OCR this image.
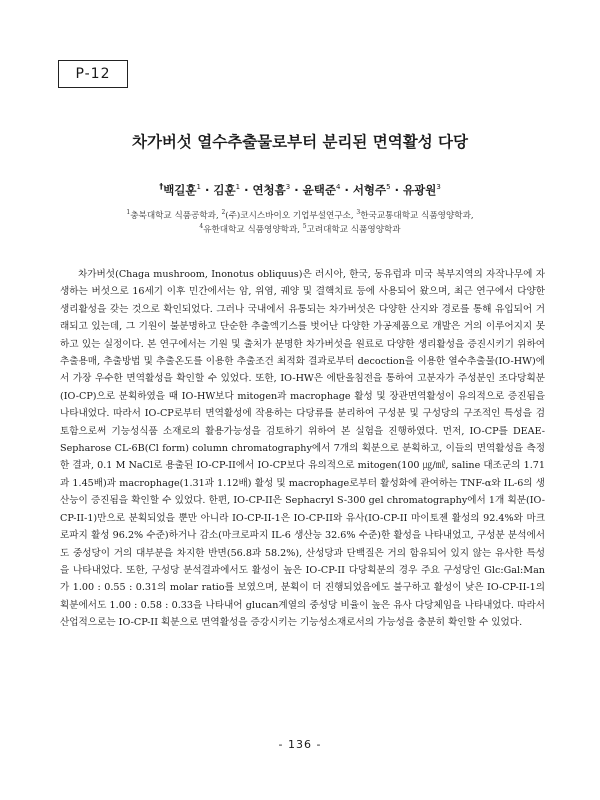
P-12
차가버섯 열수추출물로부터 분리된 면역활성 다당
†백길훈$^1$ · 김훈$^1$ · 연청흠$^3$ · 윤택준$^4$ · 서형주$^5$ · 유광원$^3$
$^1$충북대학교 식품공학과, $^2$(주)코시스바이오 기업부설연구소, $^3$한국교통대학교 식품영양학과,
$^4$유한대학교 식품영양학과, $^5$고려대학교 식품영양학과

차가버섯(Chaga mushroom, Inonotus obliquus)은 러시아, 한국, 동유럽과 미국 북부지역의 자작나무에 자생하는 버섯으로 16세기 이후 민간에서는 암, 위염, 궤양 및 결핵치료 등에 사용되어 왔으며, 최근 연구에서 다양한 생리활성을 갖는 것으로 확인되었다. 그러나 국내에서 유통되는 차가버섯은 다양한 산지와 경로를 통해 유입되어 거래되고 있는데, 그 기원이 불분명하고 단순한 추출엑기스를 벗어난 다양한 가공제품으로 개발은 거의 이루어지지 못하고 있는 실정이다. 본 연구에서는 기원 및 출처가 분명한 차가버섯을 원료로 다양한 생리활성을 증진시키기 위하여 추출용매, 추출방법 및 추출온도를 이용한 추출조건 최적화 결과로부터 decoction을 이용한 열수추출물(IO-HW)에서 가장 우수한 면역활성을 확인할 수 있었다. 또한, IO-HW은 에탄올침전을 통하여 고분자가 주성분인 조다당획분(IO-CP)으로 분획하였을 때 IO-HW보다 mitogen과 macrophage 활성 및 장관면역활성이 유의적으로 증진됨을 나타내었다. 따라서 IO-CP로부터 면역활성에 작용하는 다당류를 분리하여 구성분 및 구성당의 구조적인 특성을 검토함으로써 기능성식품 소재로의 활용가능성을 검토하기 위하여 본 실험을 진행하였다. 먼저, IO-CP를 DEAE-Sepharose CL-6B(Cl form) column chromatography에서 7개의 획분으로 분획하고, 이들의 면역활성을 측정한 결과, 0.1 M NaCl로 용출된 IO-CP-II에서 IO-CP보다 유의적으로 mitogen(100 ㎍/㎖, saline 대조군의 1.71과 1.45배)과 macrophage(1.31과 1.12배) 활성 및 macrophage로부터 활성화에 관여하는 TNF-α와 IL-6의 생산능이 증진됨을 확인할 수 있었다. 한편, IO-CP-II은 Sephacryl S-300 gel chromatography에서 1개 획분(IO-CP-II-1)만으로 분획되었을 뿐만 아니라 IO-CP-II-1은 IO-CP-II와 유사(IO-CP-II 마이토젠 활성의 92.4%와 마크로파지 활성 96.2% 수준)하거나 감소(마크로파지 IL-6 생산능 32.6% 수준)한 활성을 나타내었고, 구성분 분석에서도 중성당이 거의 대부분을 차지한 반면(56.8과 58.2%), 산성당과 단백질은 거의 함유되어 있지 않는 유사한 특성을 나타내었다. 또한, 구성당 분석결과에서도 활성이 높은 IO-CP-II 다당획분의 경우 주요 구성당인 Glc:Gal:Man가 1.00 : 0.55 : 0.31의 molar ratio를 보였으며, 분획이 더 진행되었음에도 불구하고 활성이 낮은 IO-CP-II-1의 획분에서도 1.00 : 0.58 : 0.33을 나타내어 glucan계열의 중성당 비율이 높은 유사 다당체임을 나타내었다. 따라서 산업적으로는 IO-CP-II 획분으로 면역활성을 증강시키는 기능성소재로서의 가능성을 충분히 확인할 수 있었다.

- 136 -
